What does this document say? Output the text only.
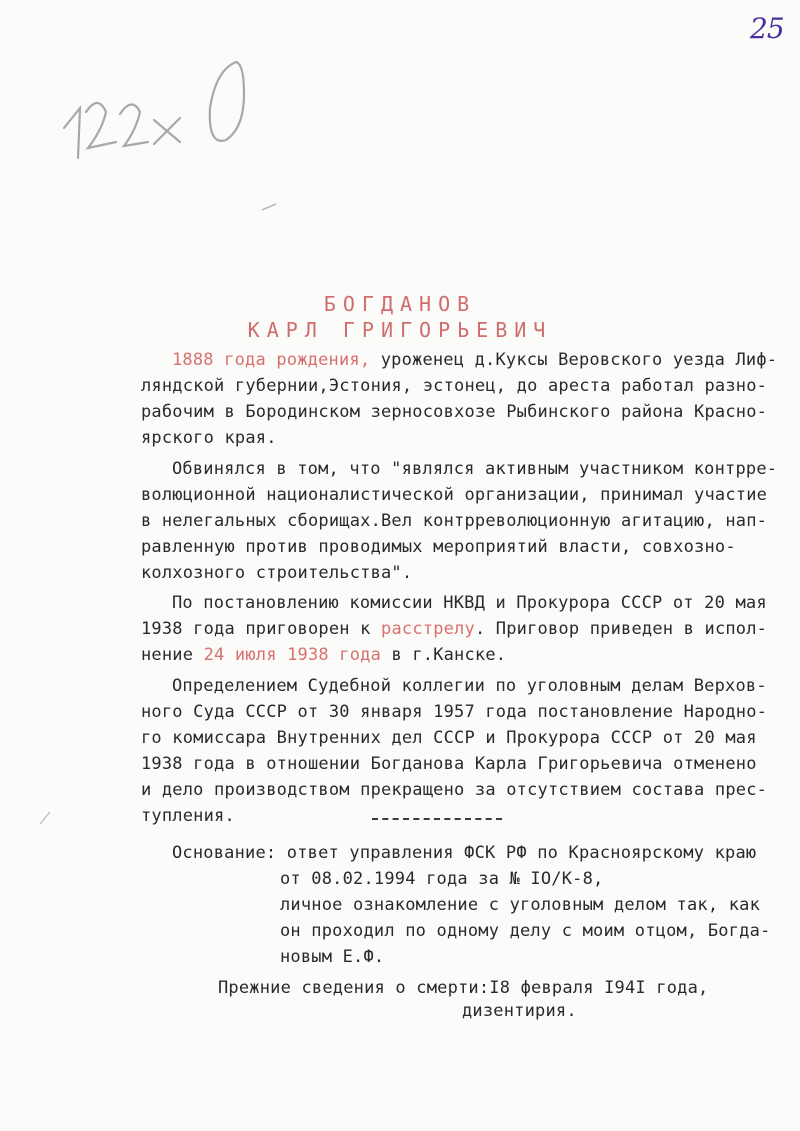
25
БОГДАНОВ
КАРЛ ГРИГОРЬЕВИЧ
1888 года рождения, уроженец д.Куксы Веровского уезда Лиф-
ляндской губернии,Эстония, эстонец, до ареста работал разно-
рабочим в Бородинском зерносовхозе Рыбинского района Красно-
ярского края.
Обвинялся в том, что "являлся активным участником контрре-
волюционной националистической организации, принимал участие
в нелегальных сборищах.Вел контрреволюционную агитацию, нап-
равленную против проводимых мероприятий власти, совхозно-
колхозного строительства".
По постановлению комиссии НКВД и Прокурора СССР от 20 мая
1938 года приговорен к расстрелу. Приговор приведен в испол-
нение 24 июля 1938 года в г.Канске.
Определением Судебной коллегии по уголовным делам Верхов-
ного Суда СССР от 30 января 1957 года постановление Народно-
го комиссара Внутренних дел СССР и Прокурора СССР от 20 мая
1938 года в отношении Богданова Карла Григорьевича отменено
и дело производством прекращено за отсутствием состава прес-
тупления.
Основание: ответ управления ФСК РФ по Красноярскому краю
от 08.02.1994 года за № IO/К-8,
личное ознакомление с уголовным делом так, как
он проходил по одному делу с моим отцом, Богда-
новым Е.Ф.
Прежние сведения о смерти:I8 февраля I94I года,
дизентирия.
